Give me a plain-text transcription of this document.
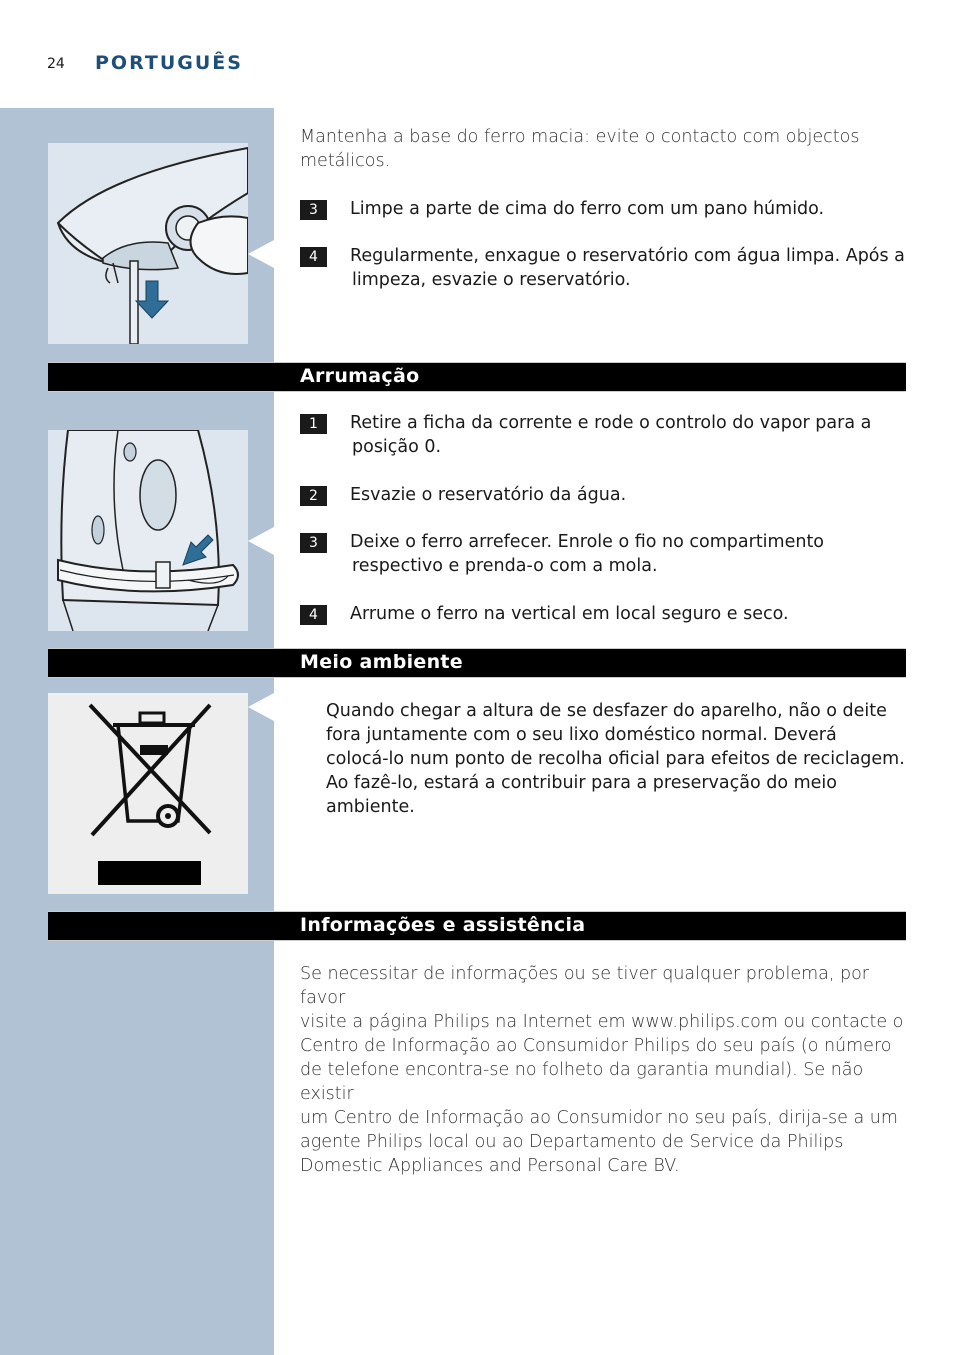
24 PORTUGUÊS
Mantenha a base do ferro macia: evite o contacto com objectos metálicos.
3	Limpe a parte de cima do ferro com um pano húmido.
4	Regularmente, enxague o reservatório com água limpa. Após a
limpeza, esvazie o reservatório.
Arrumação
1	Retire a ficha da corrente e rode o controlo do vapor para a
posição 0.
2	Esvazie o reservatório da água.
3	Deixe o ferro arrefecer. Enrole o fio no compartimento
respectivo e prenda-o com a mola.
4	Arrume o ferro na vertical em local seguro e seco.
Meio ambiente
Quando chegar a altura de se desfazer do aparelho, não o deite
fora juntamente com o seu lixo doméstico normal. Deverá
colocá-lo num ponto de recolha oficial para efeitos de reciclagem.
Ao fazê-lo, estará a contribuir para a preservação do meio
ambiente.
Informações e assistência
Se necessitar de informações ou se tiver qualquer problema, por favor
visite a página Philips na Internet em www.philips.com ou contacte o
Centro de Informação ao Consumidor Philips do seu país (o número
de telefone encontra-se no folheto da garantia mundial). Se não existir
um Centro de Informação ao Consumidor no seu país, dirija-se a um
agente Philips local ou ao Departamento de Service da Philips
Domestic Appliances and Personal Care BV.
